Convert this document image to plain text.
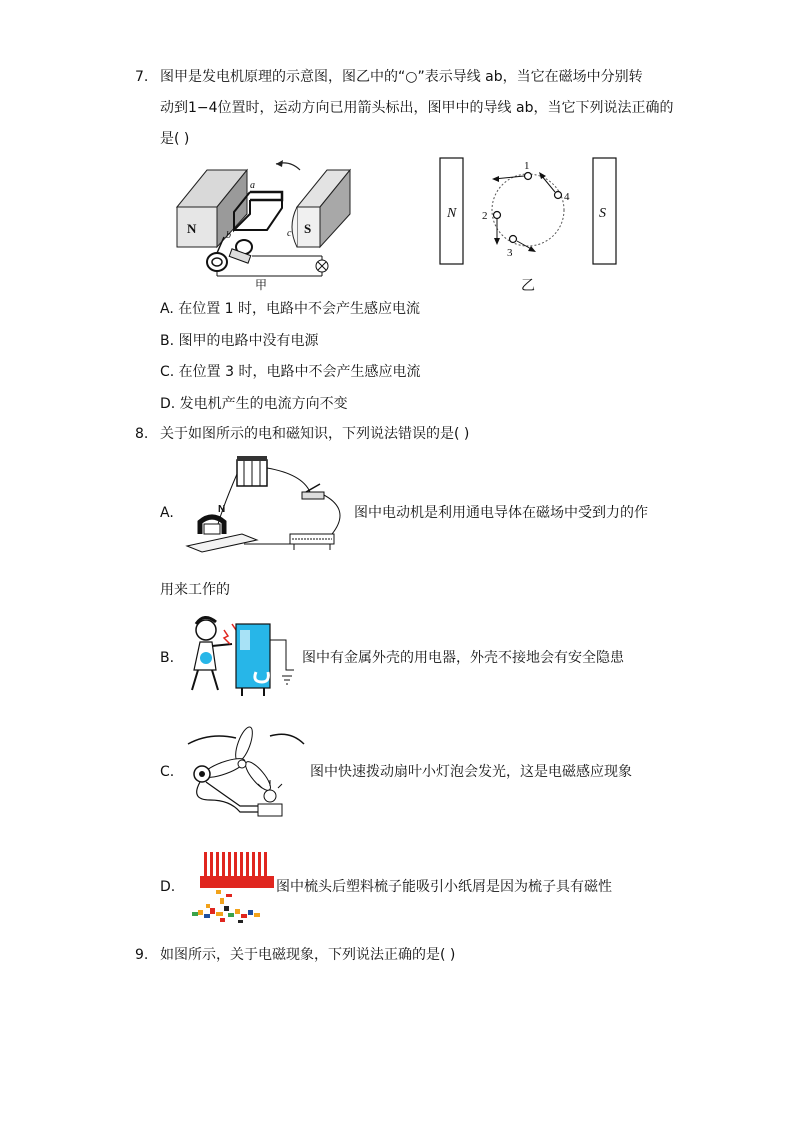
7. 图甲是发电机原理的示意图，图乙中的“○”表示导线 ab，当它在磁场中分别转
动到1−4位置时，运动方向已用箭头标出，图甲中的导线 ab，当它下列说法正确的
是( )
N	S
a
b	c
甲
N	S
1
2
3
4
乙
A. 在位置 1 时，电路中不会产生感应电流
B. 图甲的电路中没有电源
C. 在位置 3 时，电路中不会产生感应电流
D. 发电机产生的电流方向不变
8. 关于如图所示的电和磁知识，下列说法错误的是( )
A.	N	图中电动机是利用通电导体在磁场中受到力的作
用来工作的
B.	图中有金属外壳的用电器，外壳不接地会有安全隐患
C.	图中快速拨动扇叶小灯泡会发光，这是电磁感应现象
D.	图中梳头后塑料梳子能吸引小纸屑是因为梳子具有磁性
9. 如图所示，关于电磁现象，下列说法正确的是( )
